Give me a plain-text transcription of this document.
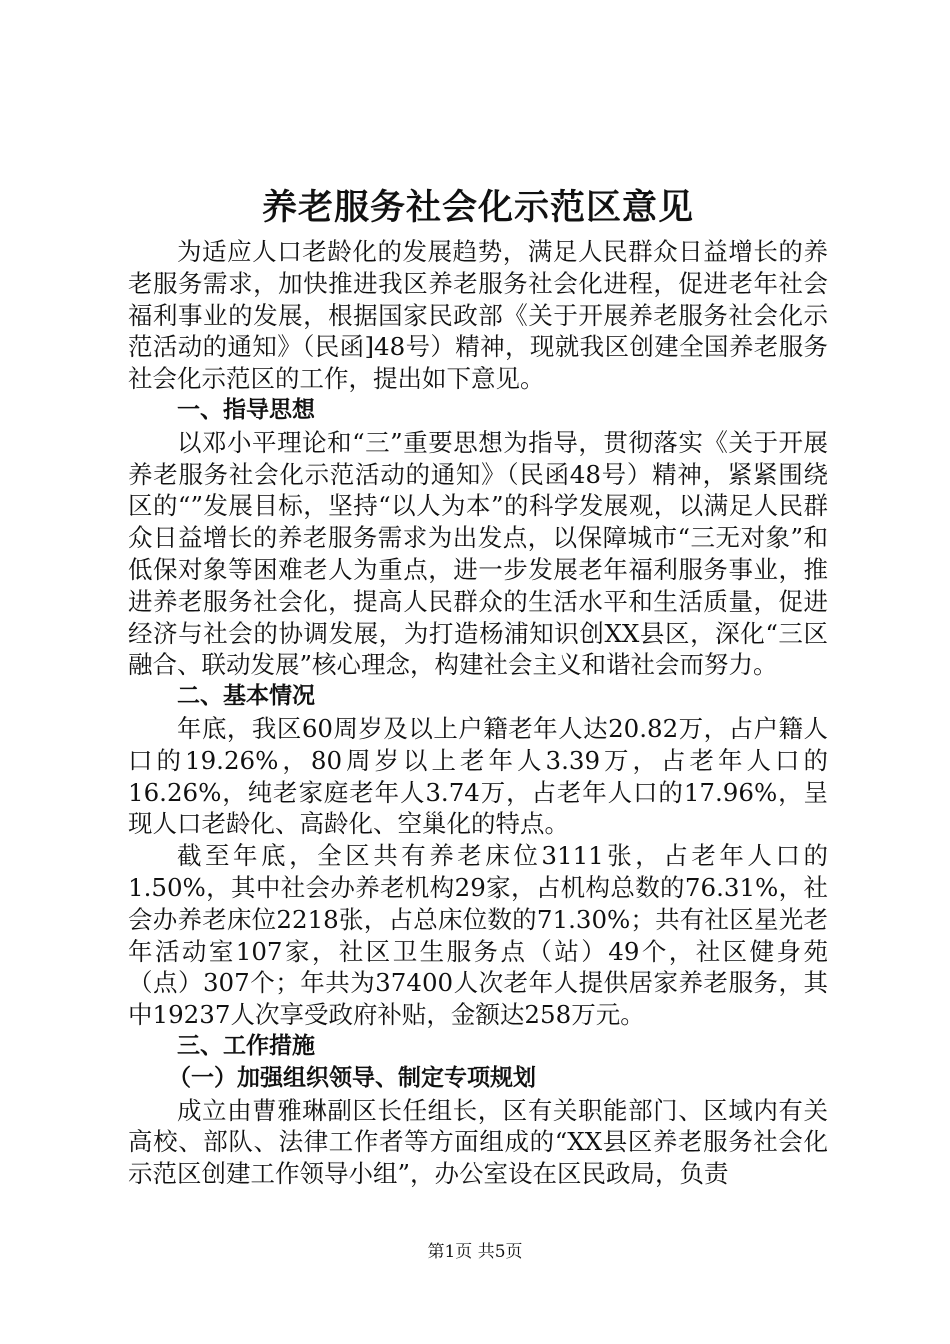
养老服务社会化示范区意见

为适应人口老龄化的发展趋势，满足人民群众日益增长的养老服务需求，加快推进我区养老服务社会化进程，促进老年社会福利事业的发展，根据国家民政部《关于开展养老服务社会化示范活动的通知》（民函]48号）精神，现就我区创建全国养老服务社会化示范区的工作，提出如下意见。

一、指导思想

以邓小平理论和“三”重要思想为指导，贯彻落实《关于开展养老服务社会化示范活动的通知》（民函48号）精神，紧紧围绕区的“”发展目标，坚持“以人为本”的科学发展观，以满足人民群众日益增长的养老服务需求为出发点，以保障城市“三无对象”和低保对象等困难老人为重点，进一步发展老年福利服务事业，推进养老服务社会化，提高人民群众的生活水平和生活质量，促进经济与社会的协调发展，为打造杨浦知识创XX县区，深化“三区融合、联动发展”核心理念，构建社会主义和谐社会而努力。

二、基本情况

年底，我区60周岁及以上户籍老年人达20.82万，占户籍人口的19.26%，80周岁以上老年人3.39万，占老年人口的16.26%，纯老家庭老年人3.74万，占老年人口的17.96%，呈现人口老龄化、高龄化、空巢化的特点。

截至年底，全区共有养老床位3111张，占老年人口的1.50%，其中社会办养老机构29家，占机构总数的76.31%，社会办养老床位2218张，占总床位数的71.30%；共有社区星光老年活动室107家，社区卫生服务点（站）49个，社区健身苑（点）307个；年共为37400人次老年人提供居家养老服务，其中19237人次享受政府补贴，金额达258万元。

三、工作措施
（一）加强组织领导、制定专项规划

成立由曹雅琳副区长任组长，区有关职能部门、区域内有关高校、部队、法律工作者等方面组成的“XX县区养老服务社会化示范区创建工作领导小组”，办公室设在区民政局，负责

第1页 共5页
